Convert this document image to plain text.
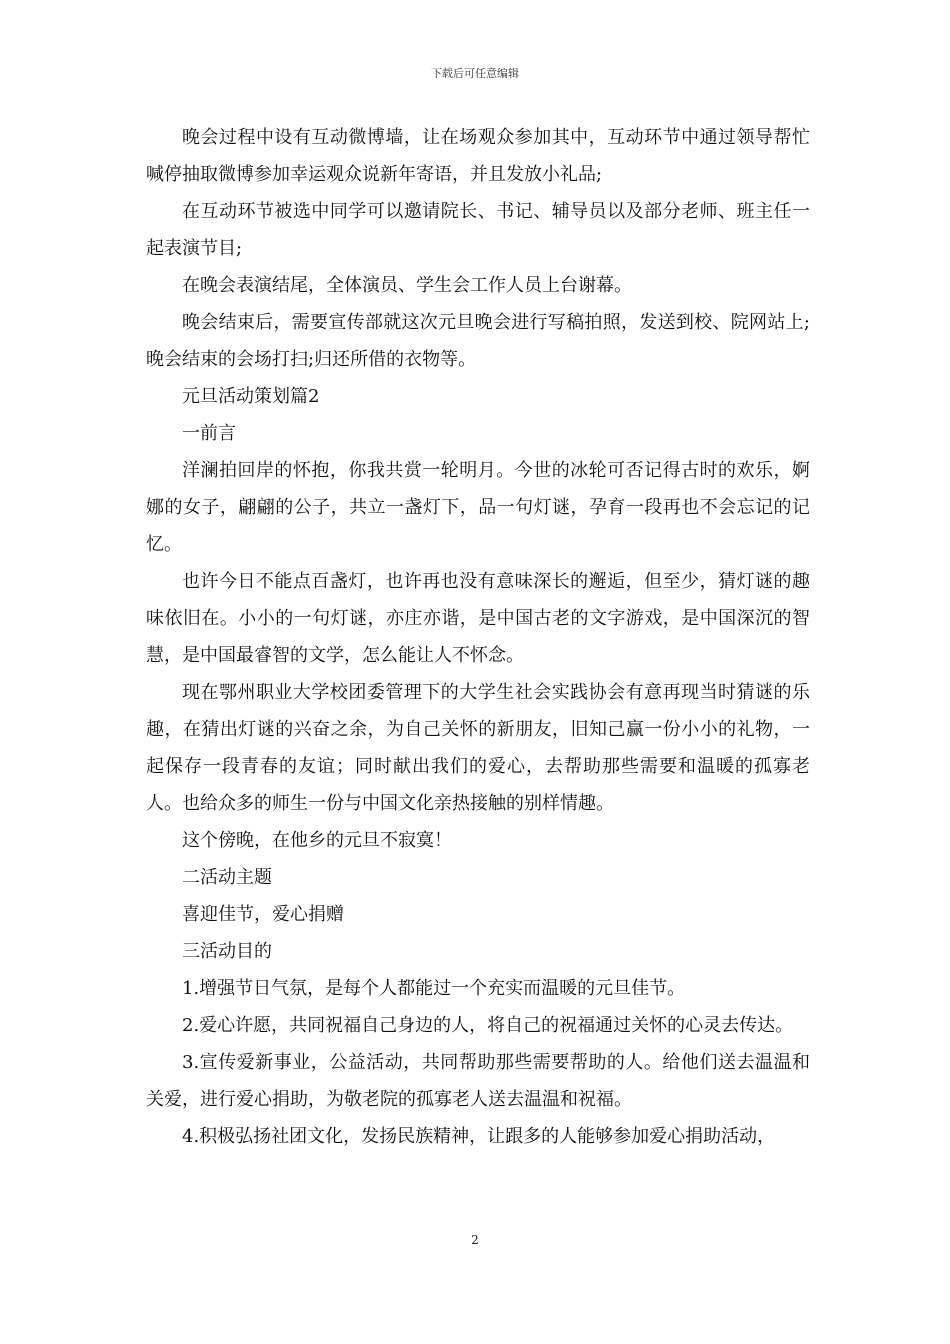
下载后可任意编辑

晚会过程中设有互动微博墙，让在场观众参加其中，互动环节中通过领导帮忙喊停抽取微博参加幸运观众说新年寄语，并且发放小礼品;

在互动环节被选中同学可以邀请院长、书记、辅导员以及部分老师、班主任一起表演节目;

在晚会表演结尾，全体演员、学生会工作人员上台谢幕。

晚会结束后，需要宣传部就这次元旦晚会进行写稿拍照，发送到校、院网站上;晚会结束的会场打扫;归还所借的衣物等。

元旦活动策划篇2

一前言

洋澜拍回岸的怀抱，你我共赏一轮明月。今世的冰轮可否记得古时的欢乐，婀娜的女子，翩翩的公子，共立一盏灯下，品一句灯谜，孕育一段再也不会忘记的记忆。

也许今日不能点百盏灯，也许再也没有意味深长的邂逅，但至少，猜灯谜的趣味依旧在。小小的一句灯谜，亦庄亦谐，是中国古老的文字游戏，是中国深沉的智慧，是中国最睿智的文学，怎么能让人不怀念。

现在鄂州职业大学校团委管理下的大学生社会实践协会有意再现当时猜谜的乐趣，在猜出灯谜的兴奋之余，为自己关怀的新朋友，旧知己赢一份小小的礼物，一起保存一段青春的友谊；同时献出我们的爱心，去帮助那些需要和温暖的孤寡老人。也给众多的师生一份与中国文化亲热接触的别样情趣。

这个傍晚，在他乡的元旦不寂寞！

二活动主题

喜迎佳节，爱心捐赠

三活动目的

1.增强节日气氛，是每个人都能过一个充实而温暖的元旦佳节。

2.爱心许愿，共同祝福自己身边的人，将自己的祝福通过关怀的心灵去传达。

3.宣传爱新事业，公益活动，共同帮助那些需要帮助的人。给他们送去温温和关爱，进行爱心捐助，为敬老院的孤寡老人送去温温和祝福。

4.积极弘扬社团文化，发扬民族精神，让跟多的人能够参加爱心捐助活动，

2
